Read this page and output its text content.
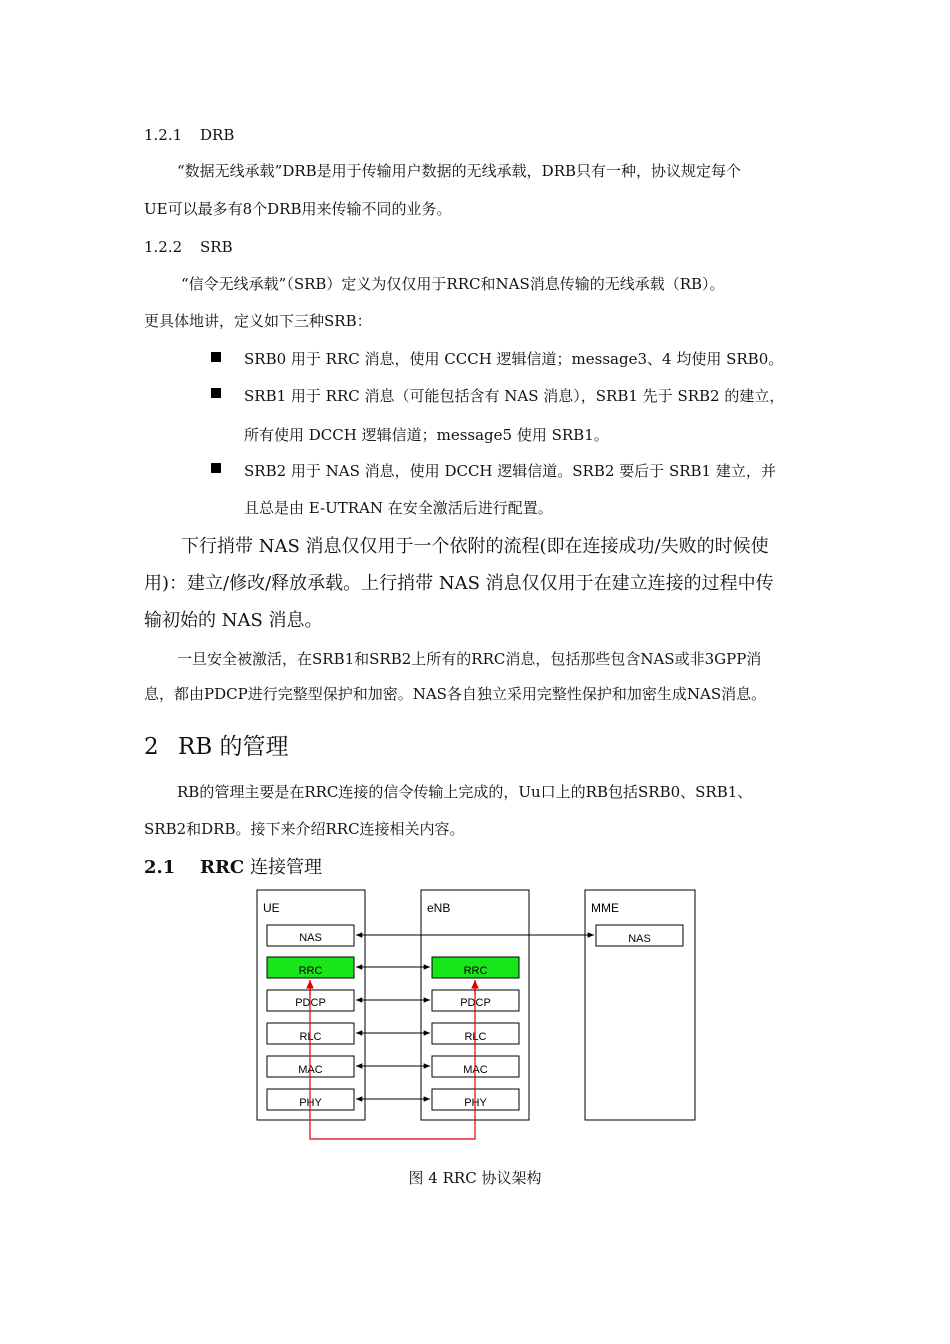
1.2.1 DRB
“数据无线承载”DRB是用于传输用户数据的无线承载，DRB只有一种，协议规定每个
UE可以最多有8个DRB用来传输不同的业务。
1.2.2 SRB
“信令无线承载”（SRB）定义为仅仅用于RRC和NAS消息传输的无线承载（RB）。
更具体地讲，定义如下三种SRB：
SRB0 用于 RRC 消息，使用 CCCH 逻辑信道；message3、4 均使用 SRB0。
SRB1 用于 RRC 消息（可能包括含有 NAS 消息），SRB1 先于 SRB2 的建立，
所有使用 DCCH 逻辑信道；message5 使用 SRB1。
SRB2 用于 NAS 消息，使用 DCCH 逻辑信道。SRB2 要后于 SRB1 建立，并
且总是由 E-UTRAN 在安全激活后进行配置。
下行捎带 NAS 消息仅仅用于一个依附的流程(即在连接成功/失败的时候使
用)：建立/修改/释放承载。上行捎带 NAS 消息仅仅用于在建立连接的过程中传
输初始的 NAS 消息。
一旦安全被激活，在SRB1和SRB2上所有的RRC消息，包括那些包含NAS或非3GPP消
息，都由PDCP进行完整型保护和加密。NAS各自独立采用完整性保护和加密生成NAS消息。
2 RB 的管理
RB的管理主要是在RRC连接的信令传输上完成的，Uu口上的RB包括SRB0、SRB1、
SRB2和DRB。接下来介绍RRC连接相关内容。
2.1 RRC 连接管理
UE	eNB	MME
NAS
RRC
PDCP
RLC
MAC
PHY
RRC
PDCP
RLC
MAC
PHY
NAS
图 4 RRC 协议架构
